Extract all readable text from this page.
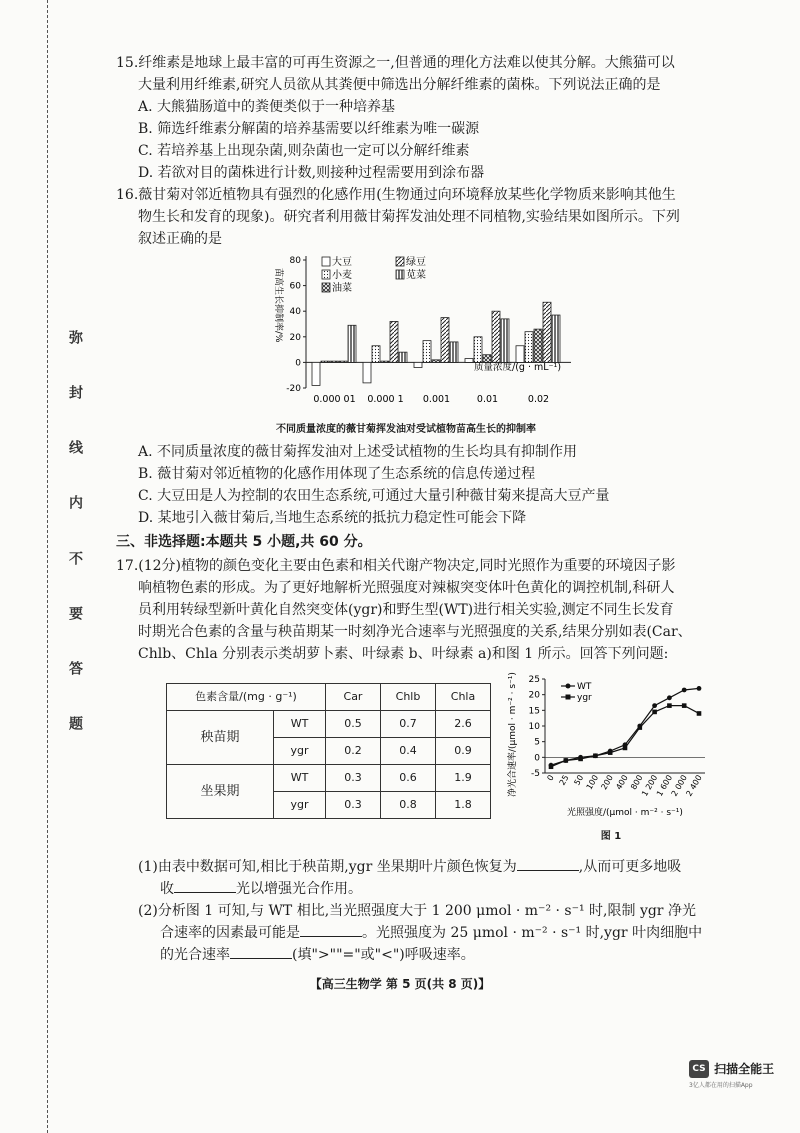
弥
封
线
内
不
要
答
题

15.纤维素是地球上最丰富的可再生资源之一,但普通的理化方法难以使其分解。大熊猫可以

大量利用纤维素,研究人员欲从其粪便中筛选出分解纤维素的菌株。下列说法正确的是

A. 大熊猫肠道中的粪便类似于一种培养基

B. 筛选纤维素分解菌的培养基需要以纤维素为唯一碳源

C. 若培养基上出现杂菌,则杂菌也一定可以分解纤维素

D. 若欲对目的菌株进行计数,则接种过程需要用到涂布器

16.薇甘菊对邻近植物具有强烈的化感作用(生物通过向环境释放某些化学物质来影响其他生

物生长和发育的现象)。研究者利用薇甘菊挥发油处理不同植物,实验结果如图所示。下列

叙述正确的是

-20
0
20
40
60
80
0.000 01 0.000 1 0.001	0.01	0.02
大豆
小麦
油菜
绿豆
苋菜
质量浓度/(g · mL⁻¹)
苗高生长抑制率/%
不同质量浓度的薇甘菊挥发油对受试植物苗高生长的抑制率

A. 不同质量浓度的薇甘菊挥发油对上述受试植物的生长均具有抑制作用

B. 薇甘菊对邻近植物的化感作用体现了生态系统的信息传递过程

C. 大豆田是人为控制的农田生态系统,可通过大量引种薇甘菊来提高大豆产量

D. 某地引入薇甘菊后,当地生态系统的抵抗力稳定性可能会下降

三、非选择题:本题共 5 小题,共 60 分。

17.(12分)植物的颜色变化主要由色素和相关代谢产物决定,同时光照作为重要的环境因子影

响植物色素的形成。为了更好地解析光照强度对辣椒突变体叶色黄化的调控机制,科研人

员利用转绿型新叶黄化自然突变体(ygr)和野生型(WT)进行相关实验,测定不同生长发育

时期光合色素的含量与秧苗期某一时刻净光合速率与光照强度的关系,结果分别如表(Car、

Chlb、Chla 分别表示类胡萝卜素、叶绿素 b、叶绿素 a)和图 1 所示。回答下列问题:

色素含量/(mg · g⁻¹)		Car	Chlb	Chla
秧苗期	WT	0.5	0.7	2.6
	ygr	0.2	0.4	0.9
坐果期	WT	0.3	0.6	1.9
	ygr	0.3	0.8	1.8
-5
0
5
10
15
20
25
0 25 50 100 200 400 800
1 200
1 600
2 000
2 400
WT
ygr
光照强度/(μmol · m⁻² · s⁻¹)
净光合速率/(μmol · m⁻² · s⁻¹)
图 1

(1)由表中数据可知,相比于秧苗期,ygr 坐果期叶片颜色恢复为	,从而可更多地吸

收	光以增强光合作用。

(2)分析图 1 可知,与 WT 相比,当光照强度大于 1 200 μmol · m⁻² · s⁻¹ 时,限制 ygr 净光

合速率的因素最可能是	。光照强度为 25 μmol · m⁻² · s⁻¹ 时,ygr 叶肉细胞中

的光合速率	(填">""="或"<")呼吸速率。

【高三生物学 第 5 页(共 8 页)】
CS 扫描全能王
3亿人都在用的扫描App
